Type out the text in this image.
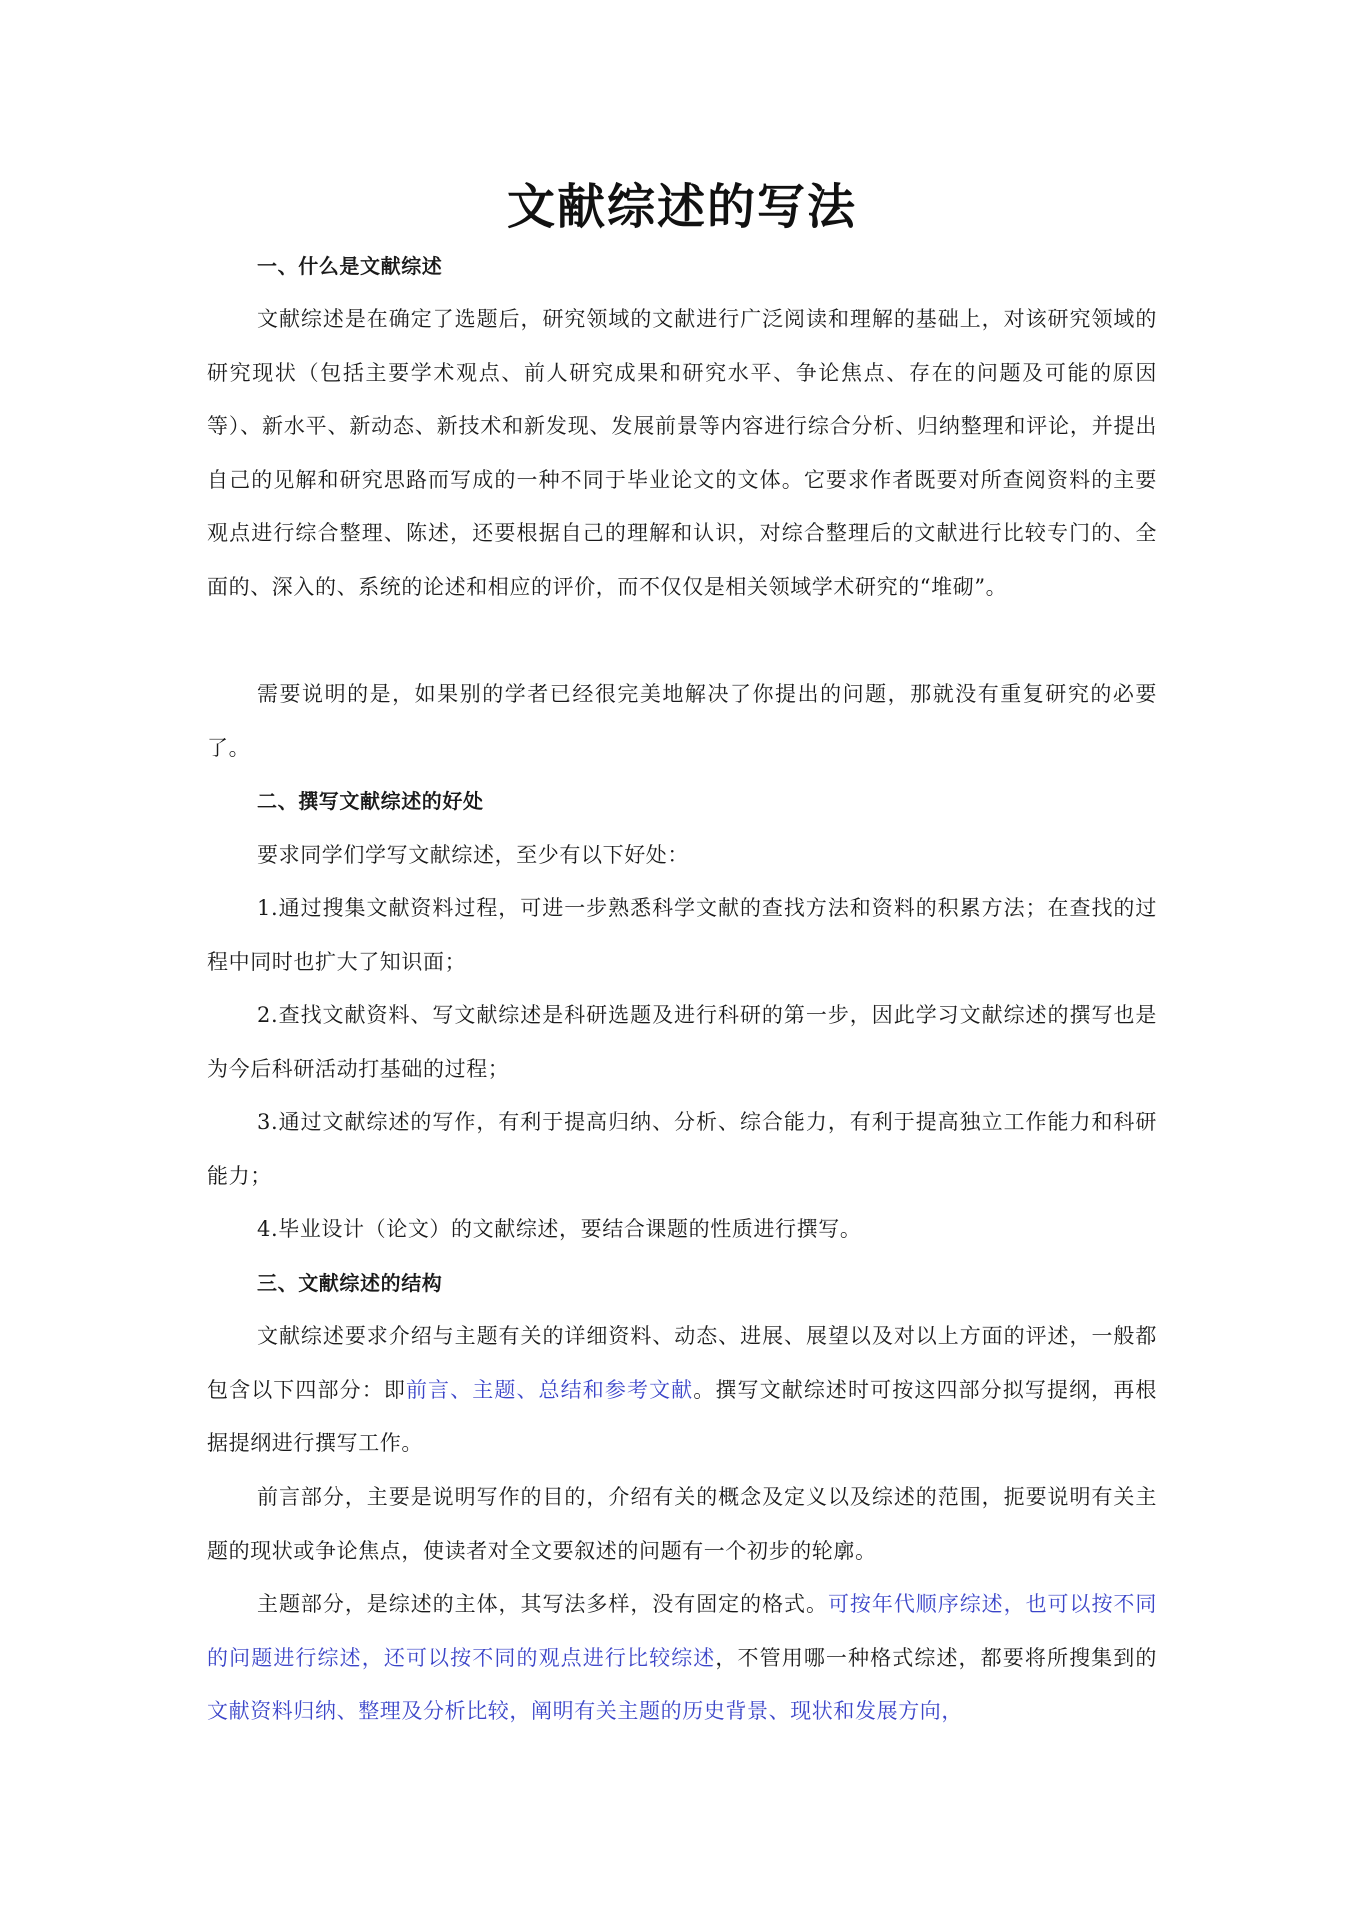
文献综述的写法
一、什么是文献综述
文献综述是在确定了选题后，研究领域的文献进行广泛阅读和理解的基础上，对该研究领域的研究现状（包括主要学术观点、前人研究成果和研究水平、争论焦点、存在的问题及可能的原因等）、新水平、新动态、新技术和新发现、发展前景等内容进行综合分析、归纳整理和评论，并提出自己的见解和研究思路而写成的一种不同于毕业论文的文体。它要求作者既要对所查阅资料的主要观点进行综合整理、陈述，还要根据自己的理解和认识，对综合整理后的文献进行比较专门的、全面的、深入的、系统的论述和相应的评价，而不仅仅是相关领域学术研究的“堆砌”。
需要说明的是，如果别的学者已经很完美地解决了你提出的问题，那就没有重复研究的必要了。
二、撰写文献综述的好处
要求同学们学写文献综述，至少有以下好处：
1.通过搜集文献资料过程，可进一步熟悉科学文献的查找方法和资料的积累方法；在查找的过程中同时也扩大了知识面；
2.查找文献资料、写文献综述是科研选题及进行科研的第一步，因此学习文献综述的撰写也是为今后科研活动打基础的过程；
3.通过文献综述的写作，有利于提高归纳、分析、综合能力，有利于提高独立工作能力和科研能力；
4.毕业设计（论文）的文献综述，要结合课题的性质进行撰写。
三、文献综述的结构
文献综述要求介绍与主题有关的详细资料、动态、进展、展望以及对以上方面的评述，一般都包含以下四部分：即前言、主题、总结和参考文献。撰写文献综述时可按这四部分拟写提纲，再根据提纲进行撰写工作。
前言部分，主要是说明写作的目的，介绍有关的概念及定义以及综述的范围，扼要说明有关主题的现状或争论焦点，使读者对全文要叙述的问题有一个初步的轮廓。
主题部分，是综述的主体，其写法多样，没有固定的格式。可按年代顺序综述，也可以按不同的问题进行综述，还可以按不同的观点进行比较综述，不管用哪一种格式综述，都要将所搜集到的文献资料归纳、整理及分析比较，阐明有关主题的历史背景、现状和发展方向，
